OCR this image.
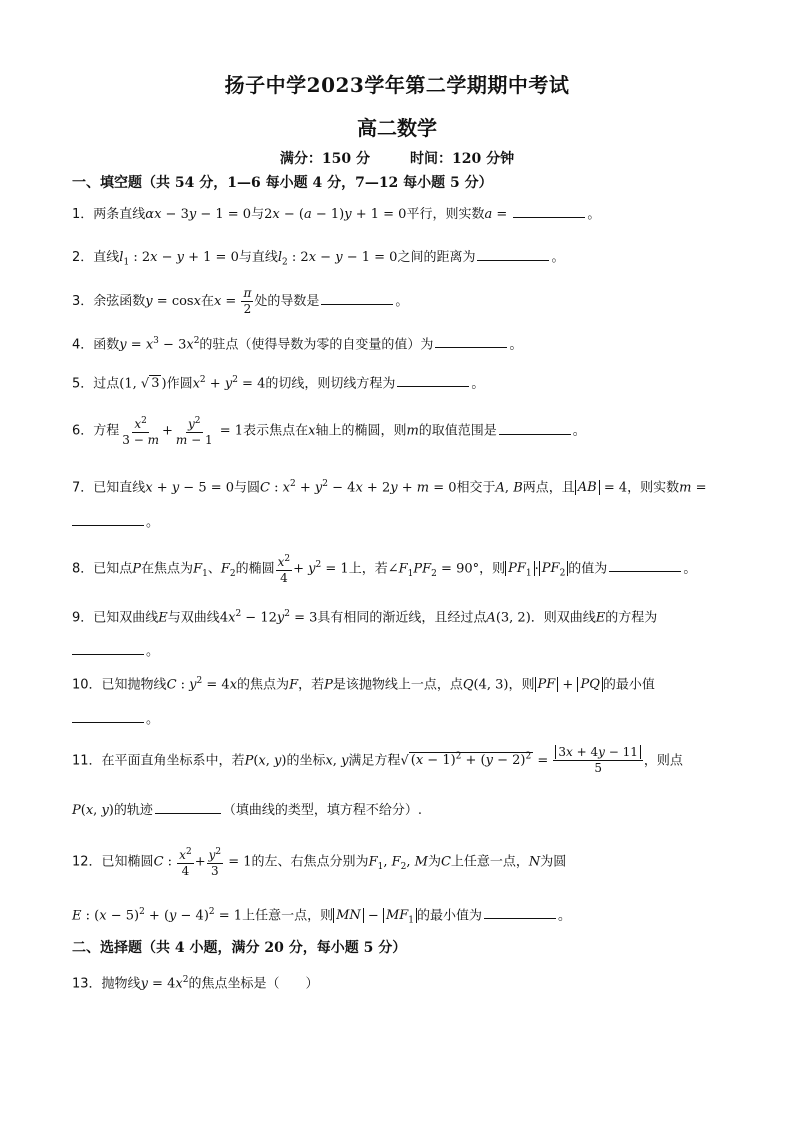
扬子中学2023学年第二学期期中考试
高二数学
满分：150 分	时间：120 分钟
一、填空题（共 54 分，1—6 每小题 4 分，7—12 每小题 5 分）
1．两条直线αx − 3y − 1 = 0与2x − (a − 1)y + 1 = 0平行，则实数a =	。
2．直线$l_1$ : 2x − y + 1 = 0与直线$l_2$ : 2x − y − 1 = 0之间的距离为	。
3．余弦函数y = cosx在$x = \frac{\pi}{2}$ 处的导数是	。
4．函数$y = x^3 - 3x^2$的驻点（使得导数为零的自变量的值）为	。
5．过点(1, √ 3 )作圆$x^2 + y^2 = 4$的切线，则切线方程为	。
6．方程 $\frac{x^2}{3 - m} + \frac{y^2}{m - 1} = 1$表示焦点在x轴上的椭圆，则m的取值范围是	。
7．已知直线x + y − 5 = 0与圆C : $x^2 + y^2 - 4x + 2y + m = 0$相交于A, B两点，且 AB = 4，则实数m =
。
8．已知点P在焦点为$F_1$、$F_2$的椭圆 $\frac{x^2}{4} + y^2 = 1$上，若$\angle F_1PF_2 = 90^\circ$，则 $PF_1 \cdot PF_2$ 的值为	。
9．已知双曲线E与双曲线$4x^2 - 12y^2 = 3$具有相同的渐近线，且经过点A(3, 2)．则双曲线E的方程为
。
10．已知抛物线C : $y^2 = 4x$的焦点为F，若P是该抛物线上一点，点Q(4, 3)，则 PF + PQ 的最小值
。
11．在平面直角坐标系中，若P(x, y)的坐标x, y满足方程√ $(x - 1)^2 + (y - 2)^2 = \frac{3x + 4y - 11}{5}$ ，则点
P(x, y)的轨迹	（填曲线的类型，填方程不给分）.
12．已知椭圆C : $\frac{x^2}{4} + \frac{y^2}{3} = 1$的左、右焦点分别为$F_1$, $F_2$, M为C上任意一点，N为圆
E : $(x - 5)^2 + (y - 4)^2 = 1$上任意一点，则 MN − $MF_1$ 的最小值为	。
二、选择题（共 4 小题，满分 20 分，每小题 5 分）
13．抛物线$y = 4x^2$的焦点坐标是（　　）
